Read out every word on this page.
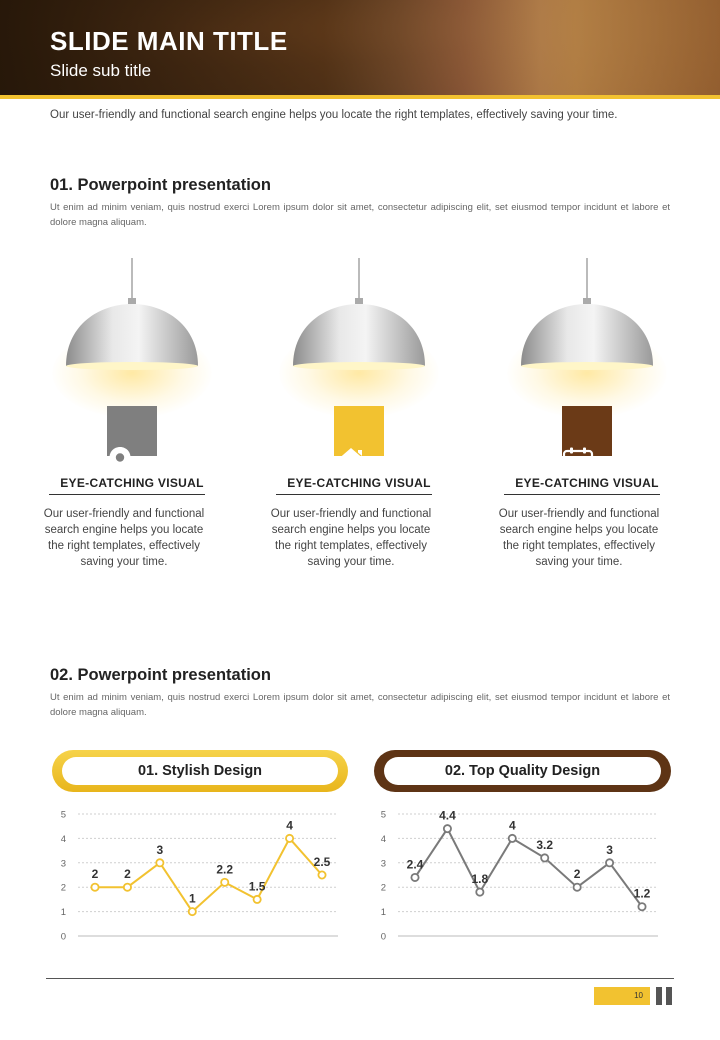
SLIDE MAIN TITLE
Slide sub title
Our user-friendly and functional search engine helps you locate the right templates, effectively saving your time.
01. Powerpoint presentation
Ut enim ad minim veniam, quis nostrud exerci Lorem ipsum dolor sit amet, consectetur adipiscing elit, set eiusmod tempor incidunt et labore et dolore magna aliquam.
EYE-CATCHING VISUAL
Our user-friendly and functional search engine helps you locate the right templates, effectively saving your time.
EYE-CATCHING VISUAL
Our user-friendly and functional search engine helps you locate the right templates, effectively saving your time.
24
EYE-CATCHING VISUAL
Our user-friendly and functional search engine helps you locate the right templates, effectively saving your time.
02. Powerpoint presentation
Ut enim ad minim veniam, quis nostrud exerci Lorem ipsum dolor sit amet, consectetur adipiscing elit, set eiusmod tempor incidunt et labore et dolore magna aliquam.
01. Stylish Design	02. Top Quality Design
0
1
2
3
4
5
2 2
3
1
2.2
1.5
4
2.5
0
1
2
3
4
5
2.4
4.4
1.8
4
3.2
2
3
1.2
10
